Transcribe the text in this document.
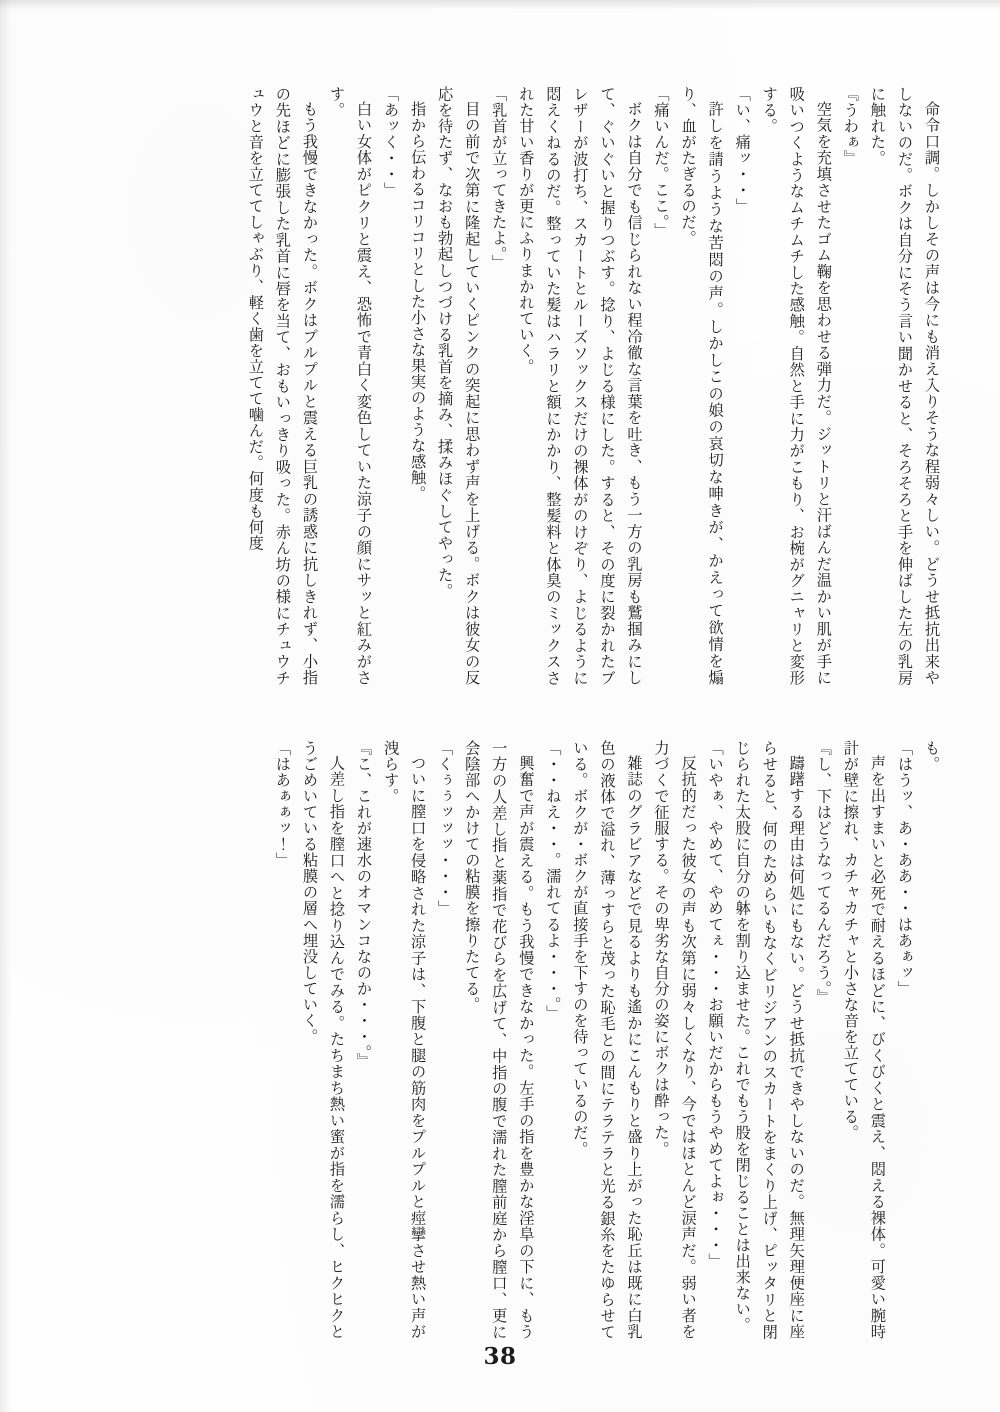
命令口調。しかしその声は今にも消え入りそうな程弱々しい。どうせ抵抗出来やしないのだ。ボクは自分にそう言い聞かせると、そろそろと手を伸ばした左の乳房に触れた。

『うわぁ』

空気を充填させたゴム鞠を思わせる弾力だ。ジットリと汗ばんだ温かい肌が手に吸いつくようなムチムチした感触。自然と手に力がこもり、お椀がグニャリと変形する。

「い、痛ッ・・」

許しを請うような苦悶の声。しかしこの娘の哀切な呻きが、かえって欲情を煽り、血がたぎるのだ。

「痛いんだ。ここ。」

ボクは自分でも信じられない程冷徹な言葉を吐き、もう一方の乳房も鷲掴みにして、ぐいぐいと握りつぶす。捻り、よじる様にした。すると、その度に裂かれたブレザーが波打ち、スカートとルーズソックスだけの裸体がのけぞり、よじるように悶えくねるのだ。整っていた髪はハラリと額にかかり、整髪料と体臭のミックスされた甘い香りが更にふりまかれていく。

「乳首が立ってきたよ。」

目の前で次第に隆起していくピンクの突起に思わず声を上げる。ボクは彼女の反応を待たず、なおも勃起しつづける乳首を摘み、揉みほぐしてやった。

指から伝わるコリコリとした小さな果実のような感触。

「あッく・・」

白い女体がピクリと震え、恐怖で青白く変色していた涼子の顔にサッと紅みがさす。

もう我慢できなかった。ボクはプルプルと震える巨乳の誘惑に抗しきれず、小指の先ほどに膨張した乳首に唇を当て、おもいっきり吸った。赤ん坊の様にチュウチュウと音を立ててしゃぶり、軽く歯を立てて噛んだ。何度も何度

も。

「はうッ、あ・ああ・・はあぁッ」

声を出すまいと必死で耐えるほどに、びくびくと震え、悶える裸体。可愛い腕時計が壁に擦れ、カチャカチャと小さな音を立てている。

『し、下はどうなってるんだろう。』

躊躇する理由は何処にもない。どうせ抵抗できやしないのだ。無理矢理便座に座らせると、何のためらいもなくビリジアンのスカートをまくり上げ、ピッタリと閉じられた太股に自分の躰を割り込ませた。これでもう股を閉じることは出来ない。

「いやぁ、やめて、やめてぇ・・・お願いだからもうやめてよぉ・・・」

反抗的だった彼女の声も次第に弱々しくなり、今ではほとんど涙声だ。弱い者を力づくで征服する。その卑劣な自分の姿にボクは酔った。

雑誌のグラビアなどで見るよりも遙かにこんもりと盛り上がった恥丘は既に白乳色の液体で溢れ、薄っすらと茂った恥毛との間にテラテラと光る銀糸をたゆらせている。ボクが・ボクが直接手を下すのを待っているのだ。

「・・ねえ・・。濡れてるよ・・・。」

興奮で声が震える。もう我慢できなかった。左手の指を豊かな淫阜の下に、もう一方の人差し指と薬指で花びらを広げて、中指の腹で濡れた膣前庭から膣口、更に会陰部へかけての粘膜を擦りたてる。

「くぅぅッッッ・・・」

ついに膣口を侵略された涼子は、下腹と腿の筋肉をプルプルと痙攣させ熱い声が洩らす。

『こ、これが速水のオマンコなのか・・・。』

人差し指を膣口へと捻り込んでみる。たちまち熱い蜜が指を濡らし、ヒクヒクとうごめいている粘膜の層へ埋没していく。

「はあぁぁッ！」

38
